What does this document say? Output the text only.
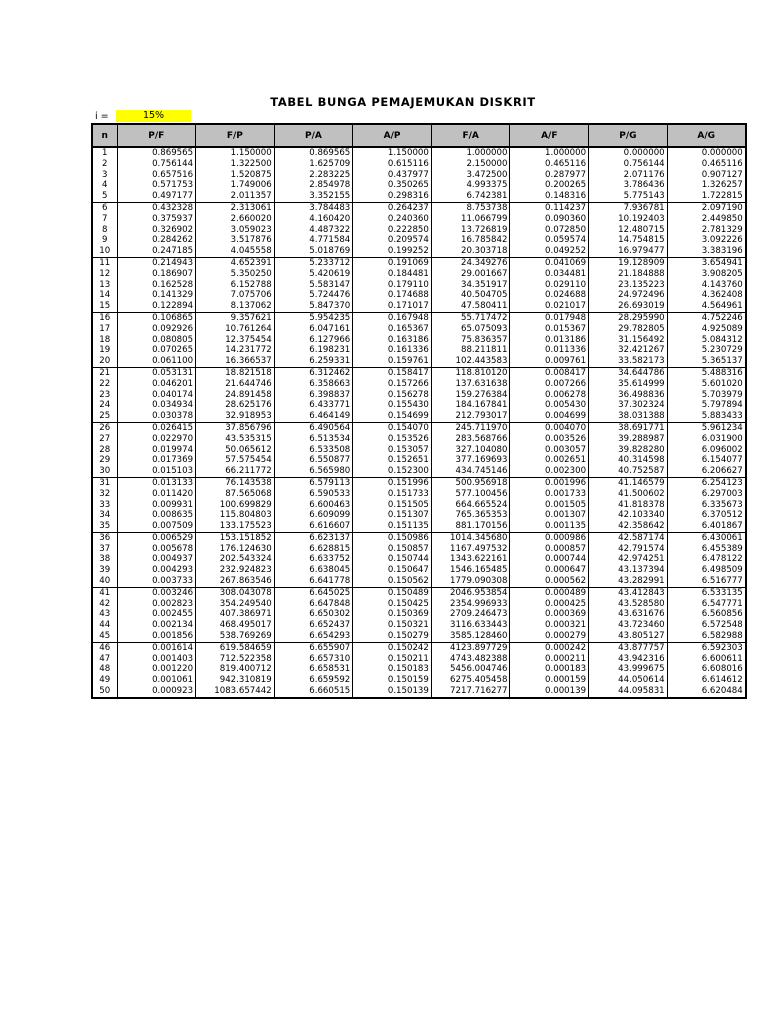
TABEL BUNGA PEMAJEMUKAN DISKRIT
i =	15%
n	P/F	F/P	P/A	A/P	F/A	A/F	P/G	A/G
1	0.869565	1.150000	0.869565	1.150000	1.000000	1.000000	0.000000	0.000000
2	0.756144	1.322500	1.625709	0.615116	2.150000	0.465116	0.756144	0.465116
3	0.657516	1.520875	2.283225	0.437977	3.472500	0.287977	2.071176	0.907127
4	0.571753	1.749006	2.854978	0.350265	4.993375	0.200265	3.786436	1.326257
5	0.497177	2.011357	3.352155	0.298316	6.742381	0.148316	5.775143	1.722815
6	0.432328	2.313061	3.784483	0.264237	8.753738	0.114237	7.936781	2.097190
7	0.375937	2.660020	4.160420	0.240360	11.066799	0.090360	10.192403	2.449850
8	0.326902	3.059023	4.487322	0.222850	13.726819	0.072850	12.480715	2.781329
9	0.284262	3.517876	4.771584	0.209574	16.785842	0.059574	14.754815	3.092226
10	0.247185	4.045558	5.018769	0.199252	20.303718	0.049252	16.979477	3.383196
11	0.214943	4.652391	5.233712	0.191069	24.349276	0.041069	19.128909	3.654941
12	0.186907	5.350250	5.420619	0.184481	29.001667	0.034481	21.184888	3.908205
13	0.162528	6.152788	5.583147	0.179110	34.351917	0.029110	23.135223	4.143760
14	0.141329	7.075706	5.724476	0.174688	40.504705	0.024688	24.972496	4.362408
15	0.122894	8.137062	5.847370	0.171017	47.580411	0.021017	26.693019	4.564961
16	0.106865	9.357621	5.954235	0.167948	55.717472	0.017948	28.295990	4.752246
17	0.092926	10.761264	6.047161	0.165367	65.075093	0.015367	29.782805	4.925089
18	0.080805	12.375454	6.127966	0.163186	75.836357	0.013186	31.156492	5.084312
19	0.070265	14.231772	6.198231	0.161336	88.211811	0.011336	32.421267	5.230729
20	0.061100	16.366537	6.259331	0.159761	102.443583	0.009761	33.582173	5.365137
21	0.053131	18.821518	6.312462	0.158417	118.810120	0.008417	34.644786	5.488316
22	0.046201	21.644746	6.358663	0.157266	137.631638	0.007266	35.614999	5.601020
23	0.040174	24.891458	6.398837	0.156278	159.276384	0.006278	36.498836	5.703979
24	0.034934	28.625176	6.433771	0.155430	184.167841	0.005430	37.302324	5.797894
25	0.030378	32.918953	6.464149	0.154699	212.793017	0.004699	38.031388	5.883433
26	0.026415	37.856796	6.490564	0.154070	245.711970	0.004070	38.691771	5.961234
27	0.022970	43.535315	6.513534	0.153526	283.568766	0.003526	39.288987	6.031900
28	0.019974	50.065612	6.533508	0.153057	327.104080	0.003057	39.828280	6.096002
29	0.017369	57.575454	6.550877	0.152651	377.169693	0.002651	40.314598	6.154077
30	0.015103	66.211772	6.565980	0.152300	434.745146	0.002300	40.752587	6.206627
31	0.013133	76.143538	6.579113	0.151996	500.956918	0.001996	41.146579	6.254123
32	0.011420	87.565068	6.590533	0.151733	577.100456	0.001733	41.500602	6.297003
33	0.009931	100.699829	6.600463	0.151505	664.665524	0.001505	41.818378	6.335673
34	0.008635	115.804803	6.609099	0.151307	765.365353	0.001307	42.103340	6.370512
35	0.007509	133.175523	6.616607	0.151135	881.170156	0.001135	42.358642	6.401867
36	0.006529	153.151852	6.623137	0.150986	1014.345680	0.000986	42.587174	6.430061
37	0.005678	176.124630	6.628815	0.150857	1167.497532	0.000857	42.791574	6.455389
38	0.004937	202.543324	6.633752	0.150744	1343.622161	0.000744	42.974251	6.478122
39	0.004293	232.924823	6.638045	0.150647	1546.165485	0.000647	43.137394	6.498509
40	0.003733	267.863546	6.641778	0.150562	1779.090308	0.000562	43.282991	6.516777
41	0.003246	308.043078	6.645025	0.150489	2046.953854	0.000489	43.412843	6.533135
42	0.002823	354.249540	6.647848	0.150425	2354.996933	0.000425	43.528580	6.547771
43	0.002455	407.386971	6.650302	0.150369	2709.246473	0.000369	43.631676	6.560856
44	0.002134	468.495017	6.652437	0.150321	3116.633443	0.000321	43.723460	6.572548
45	0.001856	538.769269	6.654293	0.150279	3585.128460	0.000279	43.805127	6.582988
46	0.001614	619.584659	6.655907	0.150242	4123.897729	0.000242	43.877757	6.592303
47	0.001403	712.522358	6.657310	0.150211	4743.482388	0.000211	43.942316	6.600611
48	0.001220	819.400712	6.658531	0.150183	5456.004746	0.000183	43.999675	6.608016
49	0.001061	942.310819	6.659592	0.150159	6275.405458	0.000159	44.050614	6.614612
50	0.000923	1083.657442	6.660515	0.150139	7217.716277	0.000139	44.095831	6.620484
